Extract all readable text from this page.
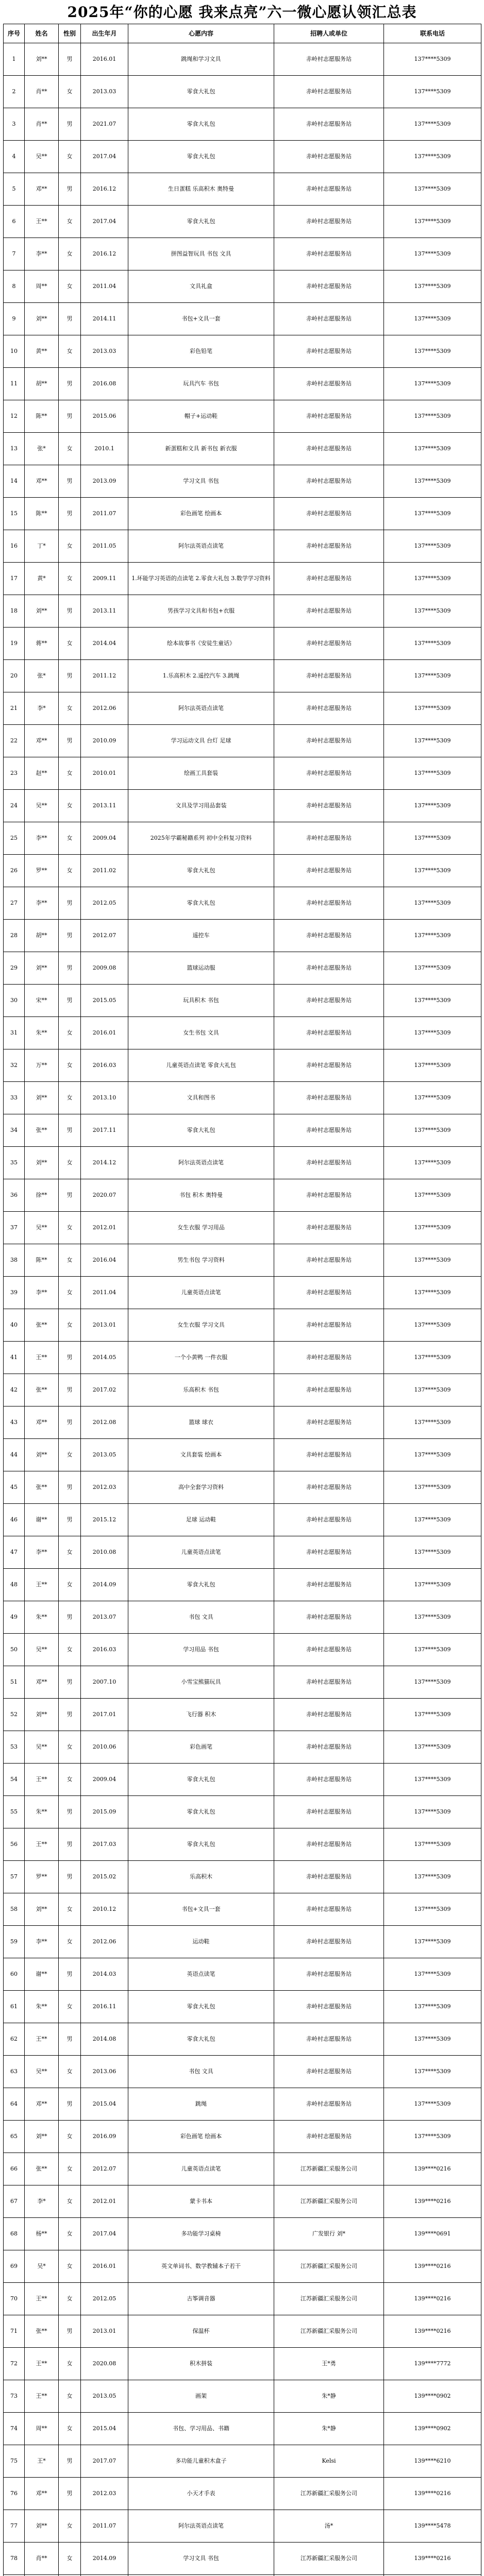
2025年“你的心愿 我来点亮”六一微心愿认领汇总表
序号	姓名	性别	出生年月	心愿内容	招聘人或单位	联系电话
1	刘**	男	2016.01	跳绳和学习文具	赤岭村志愿服务站	137****5309
2	肖**	女	2013.03	零食大礼包	赤岭村志愿服务站	137****5309
3	肖**	男	2021.07	零食大礼包	赤岭村志愿服务站	137****5309
4	吴**	女	2017.04	零食大礼包	赤岭村志愿服务站	137****5309
5	邓**	男	2016.12	生日蛋糕 乐高积木 奥特曼	赤岭村志愿服务站	137****5309
6	王**	女	2017.04	零食大礼包	赤岭村志愿服务站	137****5309
7	李**	女	2016.12	拼图益智玩具 书包 文具	赤岭村志愿服务站	137****5309
8	周**	女	2011.04	文具礼盒	赤岭村志愿服务站	137****5309
9	刘**	男	2014.11	书包+文具一套	赤岭村志愿服务站	137****5309
10	黄**	女	2013.03	彩色铅笔	赤岭村志愿服务站	137****5309
11	胡**	男	2016.08	玩具汽车 书包	赤岭村志愿服务站	137****5309
12	陈**	男	2015.06	帽子+运动鞋	赤岭村志愿服务站	137****5309
13	张*	女	2010.1	新蛋糕和文具 新书包 新衣服	赤岭村志愿服务站	137****5309
14	邓**	男	2013.09	学习文具 书包	赤岭村志愿服务站	137****5309
15	陈**	男	2011.07	彩色画笔 绘画本	赤岭村志愿服务站	137****5309
16	丁*	女	2011.05	阿尔法英语点读笔	赤岭村志愿服务站	137****5309
17	黄*	女	2009.11	1.坏能学习英语的点读笔 2.零食大礼包 3.数学学习资料	赤岭村志愿服务站	137****5309
18	刘**	男	2013.11	男孩学习文具和书包+衣服	赤岭村志愿服务站	137****5309
19	蒋**	女	2014.04	绘本故事书《安徒生童话》	赤岭村志愿服务站	137****5309
20	张*	男	2011.12	1.乐高积木 2.遥控汽车 3.跳绳	赤岭村志愿服务站	137****5309
21	李*	女	2012.06	阿尔法英语点读笔	赤岭村志愿服务站	137****5309
22	邓**	男	2010.09	学习运动文具 台灯 足球	赤岭村志愿服务站	137****5309
23	赵**	女	2010.01	绘画工具套装	赤岭村志愿服务站	137****5309
24	吴**	女	2013.11	文具及学习用品套装	赤岭村志愿服务站	137****5309
25	李**	女	2009.04	2025年学霸秘籍系列 初中全科复习资料	赤岭村志愿服务站	137****5309
26	罗**	女	2011.02	零食大礼包	赤岭村志愿服务站	137****5309
27	李**	男	2012.05	零食大礼包	赤岭村志愿服务站	137****5309
28	胡**	男	2012.07	遥控车	赤岭村志愿服务站	137****5309
29	刘**	男	2009.08	篮球运动服	赤岭村志愿服务站	137****5309
30	宋**	男	2015.05	玩具积木 书包	赤岭村志愿服务站	137****5309
31	朱**	女	2016.01	女生书包 文具	赤岭村志愿服务站	137****5309
32	万**	女	2016.03	儿童英语点读笔 零食大礼包	赤岭村志愿服务站	137****5309
33	刘**	女	2013.10	文具和图书	赤岭村志愿服务站	137****5309
34	张**	男	2017.11	零食大礼包	赤岭村志愿服务站	137****5309
35	刘**	女	2014.12	阿尔法英语点读笔	赤岭村志愿服务站	137****5309
36	徐**	男	2020.07	书包 积木 奥特曼	赤岭村志愿服务站	137****5309
37	吴**	女	2012.01	女生衣服 学习用品	赤岭村志愿服务站	137****5309
38	陈**	女	2016.04	男生书包 学习资料	赤岭村志愿服务站	137****5309
39	李**	女	2011.04	儿童英语点读笔	赤岭村志愿服务站	137****5309
40	张**	女	2013.01	女生衣服 学习文具	赤岭村志愿服务站	137****5309
41	王**	男	2014.05	一个小黄鸭 一件衣服	赤岭村志愿服务站	137****5309
42	张**	男	2017.02	乐高积木 书包	赤岭村志愿服务站	137****5309
43	邓**	男	2012.08	篮球 球衣	赤岭村志愿服务站	137****5309
44	刘**	女	2013.05	文具套装 绘画本	赤岭村志愿服务站	137****5309
45	张**	男	2012.03	高中全套学习资料	赤岭村志愿服务站	137****5309
46	谢**	男	2015.12	足球 运动鞋	赤岭村志愿服务站	137****5309
47	李**	女	2010.08	儿童英语点读笔	赤岭村志愿服务站	137****5309
48	王**	女	2014.09	零食大礼包	赤岭村志愿服务站	137****5309
49	朱**	男	2013.07	书包 文具	赤岭村志愿服务站	137****5309
50	吴**	女	2016.03	学习用品 书包	赤岭村志愿服务站	137****5309
51	邓**	男	2007.10	小雪宝熊猫玩具	赤岭村志愿服务站	137****5309
52	刘**	男	2017.01	飞行器 积木	赤岭村志愿服务站	137****5309
53	吴**	女	2010.06	彩色画笔	赤岭村志愿服务站	137****5309
54	王**	女	2009.04	零食大礼包	赤岭村志愿服务站	137****5309
55	朱**	男	2015.09	零食大礼包	赤岭村志愿服务站	137****5309
56	王**	男	2017.03	零食大礼包	赤岭村志愿服务站	137****5309
57	罗**	男	2015.02	乐高积木	赤岭村志愿服务站	137****5309
58	刘**	女	2010.12	书包+文具一套	赤岭村志愿服务站	137****5309
59	李**	女	2012.06	运动鞋	赤岭村志愿服务站	137****5309
60	谢**	男	2014.03	英语点读笔	赤岭村志愿服务站	137****5309
61	朱**	女	2016.11	零食大礼包	赤岭村志愿服务站	137****5309
62	王**	男	2014.08	零食大礼包	赤岭村志愿服务站	137****5309
63	吴**	女	2013.06	书包 文具	赤岭村志愿服务站	137****5309
64	邓**	男	2015.04	跳绳	赤岭村志愿服务站	137****5309
65	刘**	女	2016.09	彩色画笔 绘画本	赤岭村志愿服务站	137****5309
66	张**	女	2012.07	儿童英语点读笔	江苏新疆汇采服务公司	139****0216
67	李*	女	2012.01	蒙卡书本	江苏新疆汇采服务公司	139****0216
68	杨**	女	2017.04	多功能学习桌椅	广发银行 刘*	139****0691
69	吴*	女	2016.01	英文单词书、数学教辅本子若干	江苏新疆汇采服务公司	139****0216
70	王**	女	2012.05	古筝调音器	江苏新疆汇采服务公司	139****0216
71	张**	男	2013.01	保温杯	江苏新疆汇采服务公司	139****0216
72	王**	女	2020.08	积木拼装	王*勇	139****7772
73	王**	女	2013.05	画架	朱*静	139****0902
74	周**	女	2015.04	书包、学习用品、书籍	朱*静	139****0902
75	王*	男	2017.07	多功能儿童积木盒子	Kelsi	139****6210
76	邓**	男	2012.03	小天才手表	江苏新疆汇采服务公司	139****0216
77	刘**	女	2011.07	阿尔法英语点读笔	汤*	139****5478
78	肖**	女	2014.09	学习文具 书包	江苏新疆汇采服务公司	139****0216
